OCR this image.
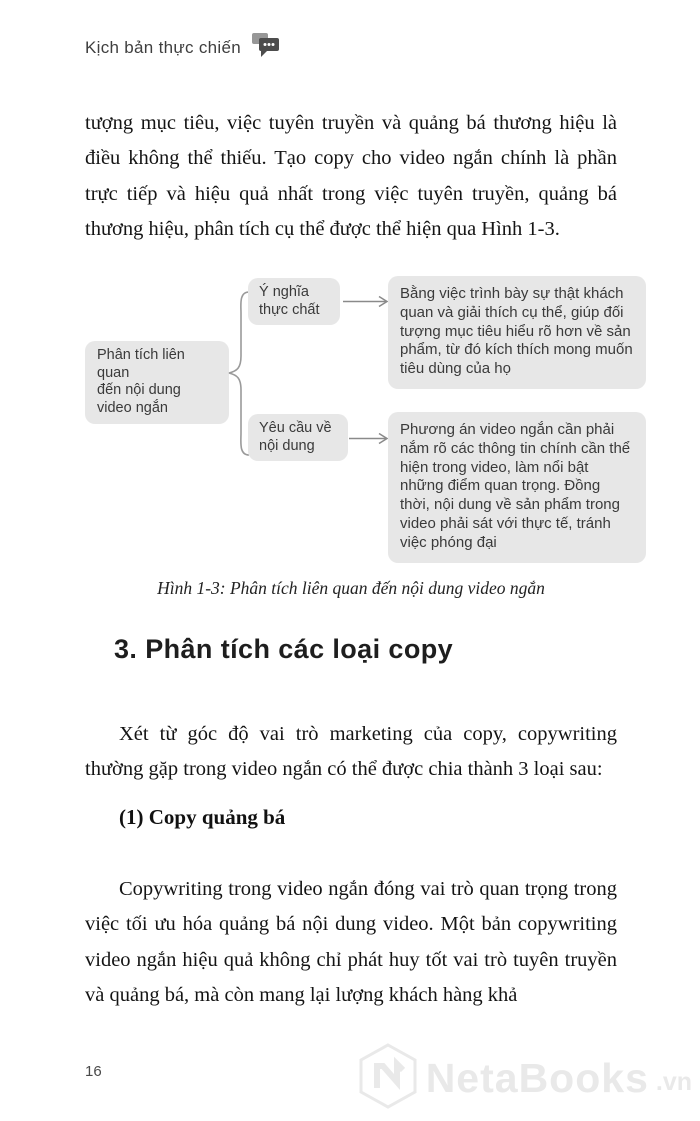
Kịch bản thực chiến

tượng mục tiêu, việc tuyên truyền và quảng bá thương hiệu là điều không thể thiếu. Tạo copy cho video ngắn chính là phần trực tiếp và hiệu quả nhất trong việc tuyên truyền, quảng bá thương hiệu, phân tích cụ thể được thể hiện qua Hình 1-3.

Phân tích liên quan
đến nội dung
video ngắn
Ý nghĩa
thực chất
Yêu cầu về
nội dung
Bằng việc trình bày sự thật khách quan và giải thích cụ thể, giúp đối tượng mục tiêu hiểu rõ hơn về sản phẩm, từ đó kích thích mong muốn tiêu dùng của họ
Phương án video ngắn cần phải nắm rõ các thông tin chính cần thể hiện trong video, làm nổi bật những điểm quan trọng. Đồng thời, nội dung về sản phẩm trong video phải sát với thực tế, tránh việc phóng đại
Hình 1-3: Phân tích liên quan đến nội dung video ngắn
3. Phân tích các loại copy

Xét từ góc độ vai trò marketing của copy, copywriting thường gặp trong video ngắn có thể được chia thành 3 loại sau:

(1) Copy quảng bá

Copywriting trong video ngắn đóng vai trò quan trọng trong việc tối ưu hóa quảng bá nội dung video. Một bản copywriting video ngắn hiệu quả không chỉ phát huy tốt vai trò tuyên truyền và quảng bá, mà còn mang lại lượng khách hàng khả

16	NetaBooks .vn
